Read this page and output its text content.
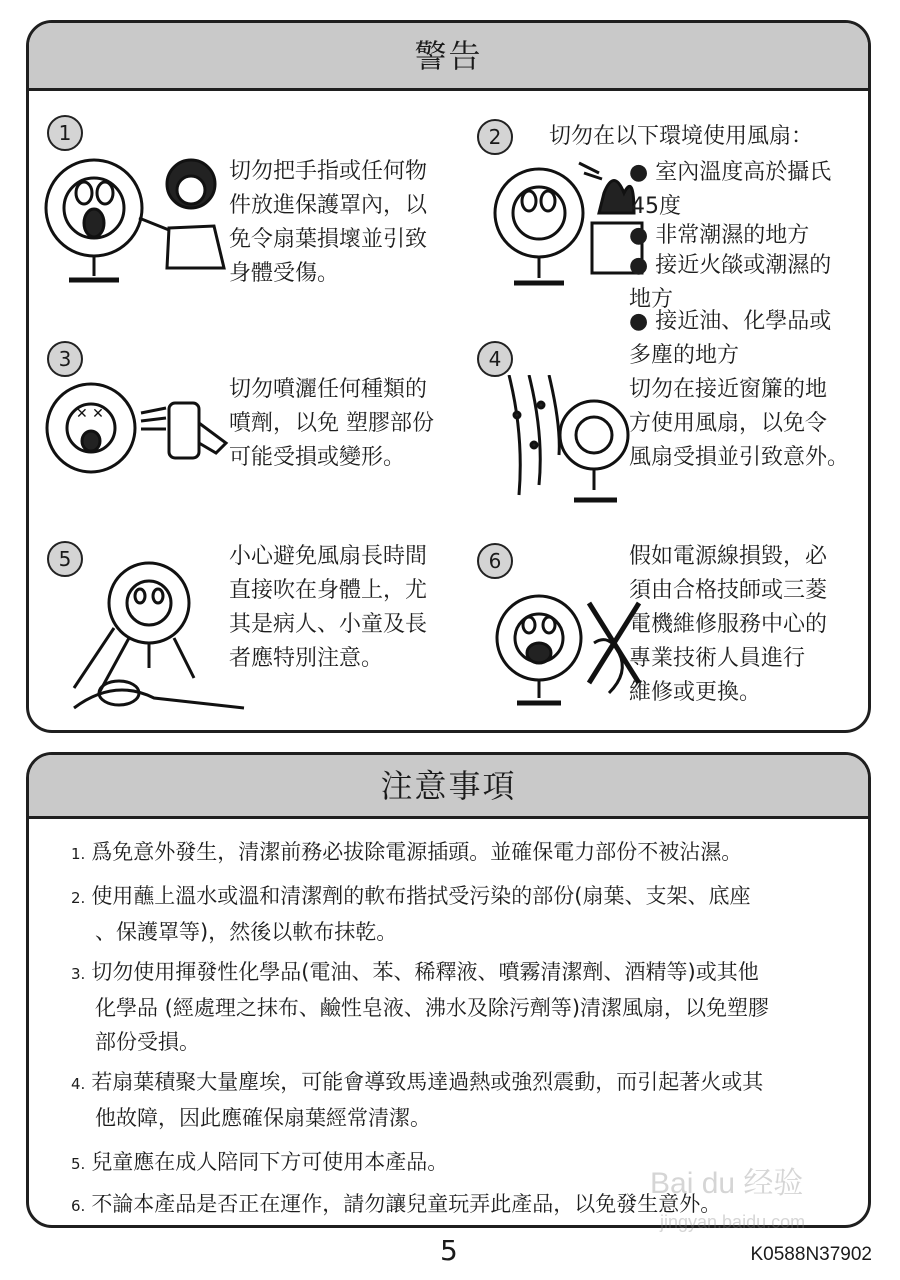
警告
1

切勿把手指或任何物

件放進保護罩內，以

免令扇葉損壞並引致

身體受傷。

2	切勿在以下環境使用風扇：

● 室內溫度高於攝氏

45度

● 非常潮濕的地方

● 接近火燄或潮濕的

地方

● 接近油、化學品或

多塵的地方

3
✕ ✕

切勿噴灑任何種類的

噴劑，以免 塑膠部份

可能受損或變形。

4

切勿在接近窗簾的地

方使用風扇，以免令

風扇受損並引致意外。

5	小心避免風扇長時間

直接吹在身體上，尤

其是病人、小童及長

者應特別注意。

6	假如電源線損毀，必

須由合格技師或三菱

電機維修服務中心的

專業技術人員進行

維修或更換。

注意事項
1. 爲免意外發生，清潔前務必拔除電源插頭。並確保電力部份不被沾濕。
2. 使用蘸上溫水或溫和清潔劑的軟布揩拭受污染的部份(扇葉、支架、底座
、保護罩等)，然後以軟布抹乾。
3. 切勿使用揮發性化學品(電油、苯、稀釋液、噴霧清潔劑、酒精等)或其他
化學品 (經處理之抹布、鹼性皂液、沸水及除污劑等)清潔風扇，以免塑膠
部份受損。
4. 若扇葉積聚大量塵埃，可能會導致馬達過熱或強烈震動，而引起著火或其
他故障，因此應確保扇葉經常清潔。
5. 兒童應在成人陪同下方可使用本產品。
6. 不論本產品是否正在運作，請勿讓兒童玩弄此產品，以免發生意外。
Bai du 经验
jingyan.baidu.com
5	K0588N37902
